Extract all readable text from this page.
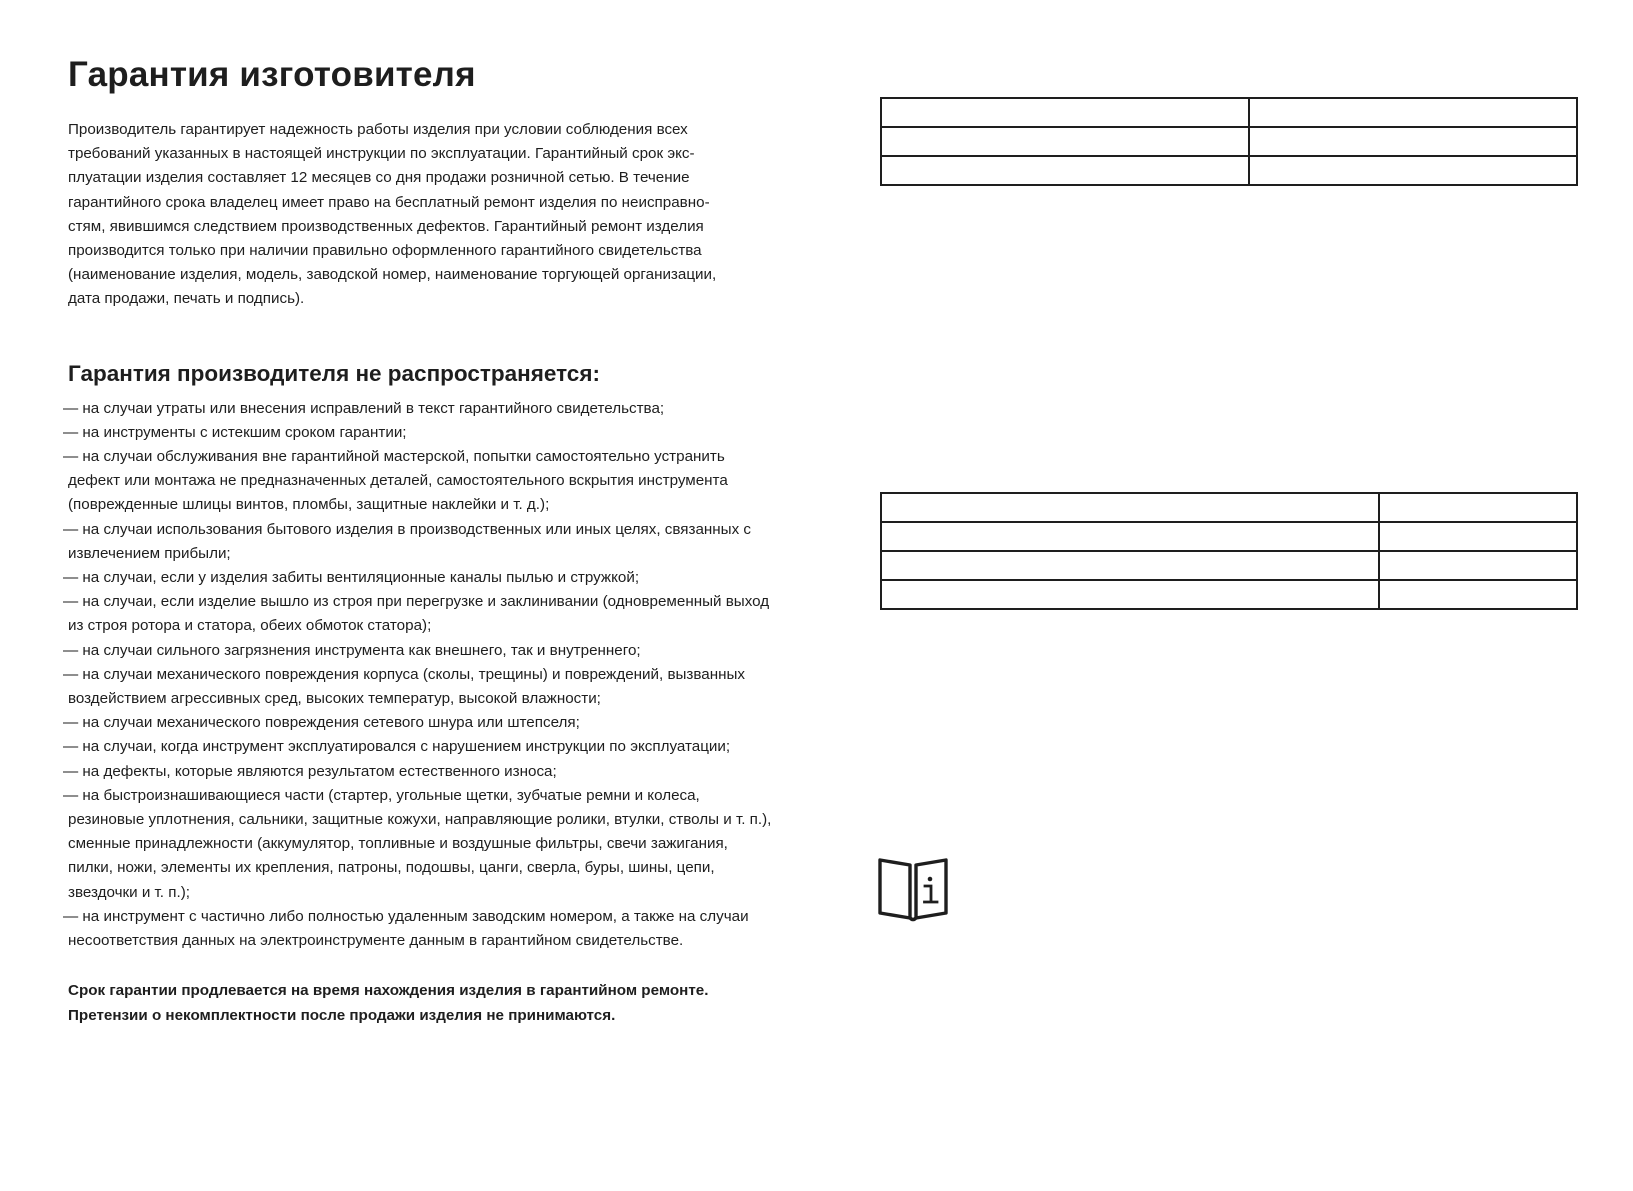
Гарантия изготовителя
Производитель гарантирует надежность работы изделия при условии соблюдения всех
требований указанных в настоящей инструкции по эксплуатации. Гарантийный срок экс-
плуатации изделия составляет 12 месяцев со дня продажи розничной сетью. В течение
гарантийного срока владелец имеет право на бесплатный ремонт изделия по неисправно-
стям, явившимся следствием производственных дефектов. Гарантийный ремонт изделия
производится только при наличии правильно оформленного гарантийного свидетельства
(наименование изделия, модель, заводской номер, наименование торгующей организации,
дата продажи, печать и подпись).
Гарантия производителя не распространяется:
— на случаи утраты или внесения исправлений в текст гарантийного свидетельства;
— на инструменты с истекшим сроком гарантии;
— на случаи обслуживания вне гарантийной мастерской, попытки самостоятельно устранить дефект или монтажа не предназначенных деталей, самостоятельного вскрытия инструмента (поврежденные шлицы винтов, пломбы, защитные наклейки и т. д.);
— на случаи использования бытового изделия в производственных или иных целях, связанных с извлечением прибыли;
— на случаи, если у изделия забиты вентиляционные каналы пылью и стружкой;
— на случаи, если изделие вышло из строя при перегрузке и заклинивании (одновременный выход из строя ротора и статора, обеих обмоток статора);
— на случаи сильного загрязнения инструмента как внешнего, так и внутреннего;
— на случаи механического повреждения корпуса (сколы, трещины) и повреждений, вызванных воздействием агрессивных сред, высоких температур, высокой влажности;
— на случаи механического повреждения сетевого шнура или штепселя;
— на случаи, когда инструмент эксплуатировался с нарушением инструкции по эксплуатации;
— на дефекты, которые являются результатом естественного износа;
— на быстроизнашивающиеся части (стартер, угольные щетки, зубчатые ремни и колеса, резиновые уплотнения, сальники, защитные кожухи, направляющие ролики, втулки, стволы и т. п.), сменные принадлежности (аккумулятор, топливные и воздушные фильтры, свечи зажигания, пилки, ножи, элементы их крепления, патроны, подошвы, цанги, сверла, буры, шины, цепи, звездочки и т. п.);
— на инструмент с частично либо полностью удаленным заводским номером, а также на случаи несоответствия данных на электроинструменте данным в гарантийном свидетельстве.

Срок гарантии продлевается на время нахождения изделия в гарантийном ремонте.

Претензии о некомплектности после продажи изделия не принимаются.
